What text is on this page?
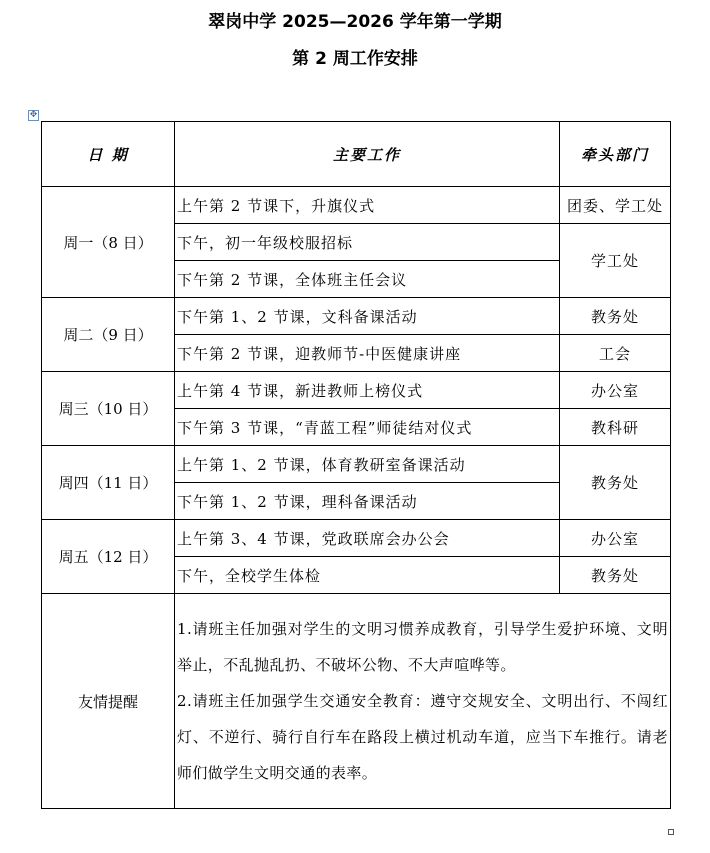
翠岗中学 2025—2026 学年第一学期
第 2 周工作安排
✥
日 期	主要工作	牵头部门
周一（8 日）	上午第 2 节课下，升旗仪式	团委、学工处
	下午，初一年级校服招标	学工处
	下午第 2 节课，全体班主任会议	
周二（9 日）	下午第 1、2 节课，文科备课活动	教务处
	下午第 2 节课，迎教师节-中医健康讲座	工会
周三（10 日）	上午第 4 节课，新进教师上榜仪式	办公室
	下午第 3 节课，“青蓝工程”师徒结对仪式	教科研
周四（11 日）	上午第 1、2 节课，体育教研室备课活动	教务处
	下午第 1、2 节课，理科备课活动	
周五（12 日）	上午第 3、4 节课，党政联席会办公会	办公室
	下午，全校学生体检	教务处
友情提醒	1.请班主任加强对学生的文明习惯养成教育，引导学生爱护环境、文明举止，不乱抛乱扔、不破坏公物、不大声喧哗等。

2.请班主任加强学生交通安全教育：遵守交规安全、文明出行、不闯红灯、不逆行、骑行自行车在路段上横过机动车道，应当下车推行。请老师们做学生文明交通的表率。	
